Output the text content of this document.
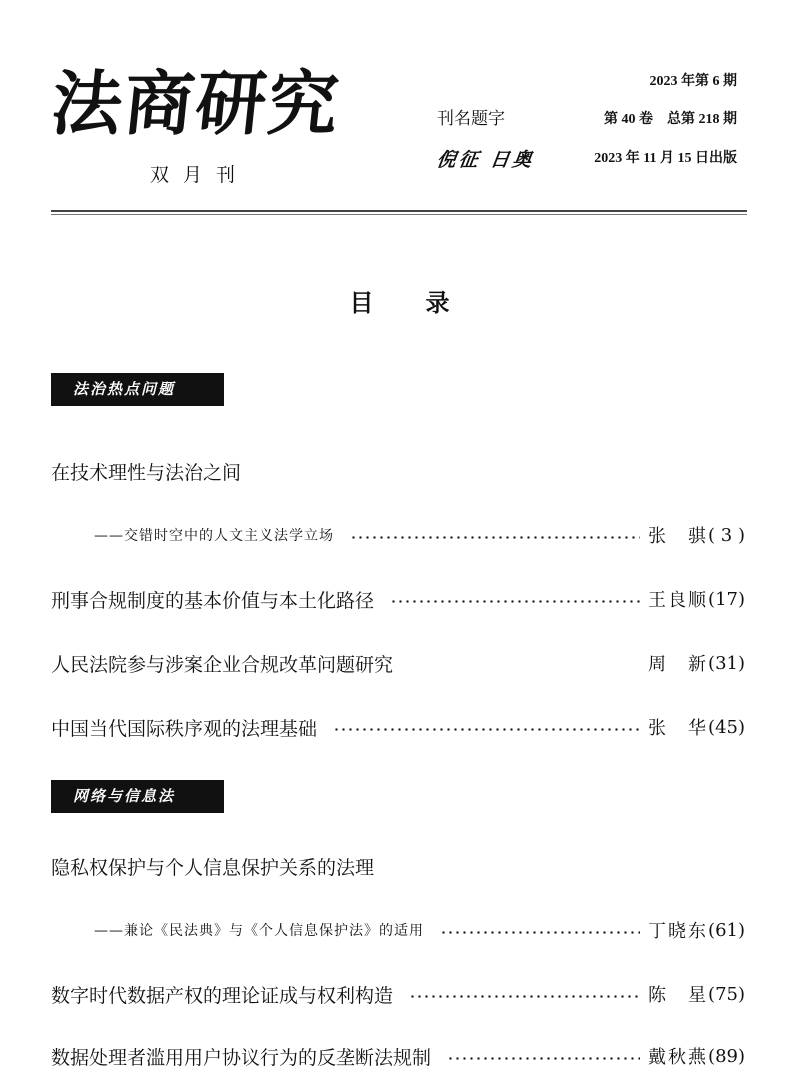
法商研究
双月刊
刊名题字
倪征 日奥
2023 年第 6 期
第 40 卷　总第 218 期
2023 年 11 月 15 日出版
目录
法治热点问题
在技术理性与法治之间
——交错时空中的人文主义法学立场	张　骐 ( 3 )
刑事合规制度的基本价值与本土化路径	王良顺 (17)
人民法院参与涉案企业合规改革问题研究	周　新 (31)
中国当代国际秩序观的法理基础	张　华 (45)
网络与信息法
隐私权保护与个人信息保护关系的法理
——兼论《民法典》与《个人信息保护法》的适用	丁晓东 (61)
数字时代数据产权的理论证成与权利构造	陈　星 (75)
数据处理者滥用用户协议行为的反垄断法规制	戴秋燕 (89)
